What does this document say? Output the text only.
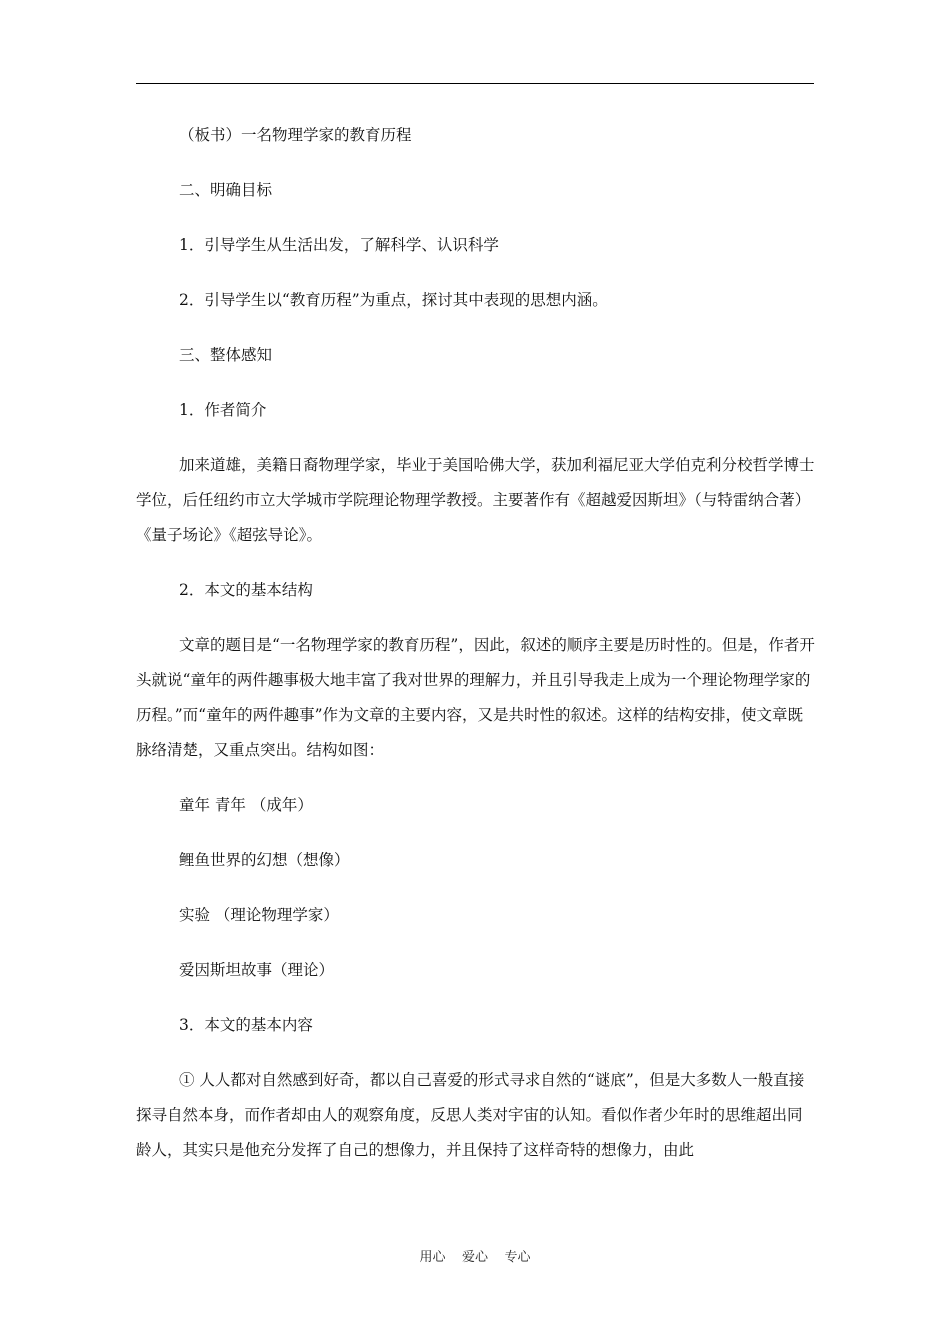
（板书）一名物理学家的教育历程
二、明确目标
1．引导学生从生活出发，了解科学、认识科学
2．引导学生以“教育历程”为重点，探讨其中表现的思想内涵。
三、整体感知
1．作者简介
加来道雄，美籍日裔物理学家，毕业于美国哈佛大学，获加利福尼亚大学伯克利分校哲学博士学位，后任纽约市立大学城市学院理论物理学教授。主要著作有《超越爱因斯坦》（与特雷纳合著）《量子场论》《超弦导论》。
2．本文的基本结构
文章的题目是“一名物理学家的教育历程”，因此，叙述的顺序主要是历时性的。但是，作者开头就说“童年的两件趣事极大地丰富了我对世界的理解力，并且引导我走上成为一个理论物理学家的历程。”而“童年的两件趣事”作为文章的主要内容，又是共时性的叙述。这样的结构安排，使文章既脉络清楚，又重点突出。结构如图：
童年 青年 （成年）
鲤鱼世界的幻想（想像）
实验 （理论物理学家）
爱因斯坦故事（理论）
3．本文的基本内容
① 人人都对自然感到好奇，都以自己喜爱的形式寻求自然的“谜底”，但是大多数人一般直接探寻自然本身，而作者却由人的观察角度，反思人类对宇宙的认知。看似作者少年时的思维超出同龄人，其实只是他充分发挥了自己的想像力，并且保持了这样奇特的想像力，由此
用心    爱心    专心
